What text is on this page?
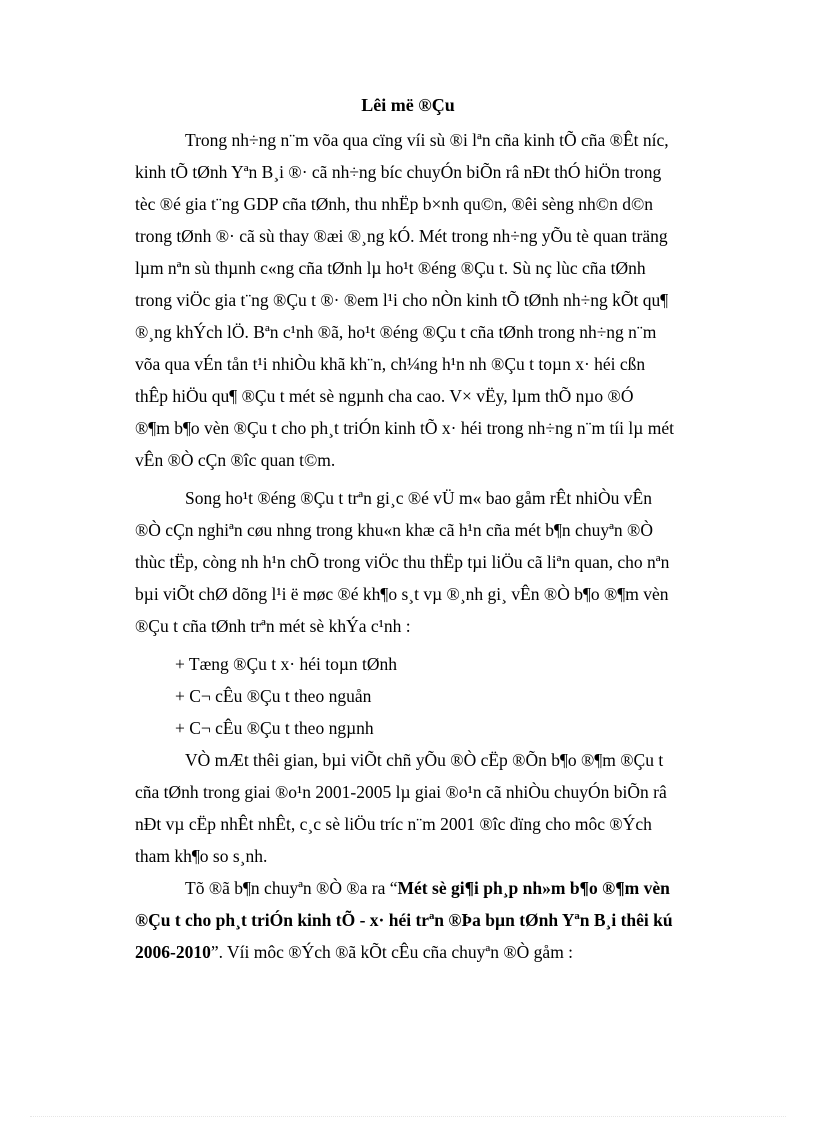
Lêi më ®Çu
Trong nh÷ng n¨m võa qua cïng víi sù ®i lªn cña kinh tÕ cña ®Êt níc,
kinh tÕ tØnh Yªn B¸i ®· cã nh÷ng bíc chuyÓn biÕn râ nÐt thÓ hiÖn trong
tèc ®é gia t¨ng GDP cña tØnh, thu nhËp b×nh qu©n, ®êi sèng nh©n d©n
trong tØnh ®· cã sù thay ®æi ®¸ng kÓ. Mét trong nh÷ng yÕu tè quan träng
lµm nªn sù thµnh c«ng cña tØnh lµ ho¹t ®éng ®Çu t. Sù nç lùc cña tØnh
trong viÖc gia t¨ng ®Çu t ®· ®em l¹i cho nÒn kinh tÕ tØnh nh÷ng kÕt qu¶
®¸ng khÝch lÖ. Bªn c¹nh ®ã, ho¹t ®éng ®Çu t cña tØnh trong nh÷ng n¨m
võa qua vÉn tån t¹i nhiÒu khã kh¨n, ch¼ng h¹n nh ®Çu t toµn x· héi cßn
thÊp hiÖu qu¶ ®Çu t mét sè ngµnh cha cao. V× vËy, lµm thÕ nµo ®Ó
®¶m b¶o vèn ®Çu t cho ph¸t triÓn kinh tÕ x· héi trong nh÷ng n¨m tíi lµ mét
vÊn ®Ò cÇn ®îc quan t©m.
Song ho¹t ®éng ®Çu t trªn gi¸c ®é vÜ m« bao gåm rÊt nhiÒu vÊn
®Ò cÇn nghiªn cøu nhng trong khu«n khæ cã h¹n cña mét b¶n chuyªn ®Ò
thùc tËp, còng nh h¹n chÕ trong viÖc thu thËp tµi liÖu cã liªn quan, cho nªn
bµi viÕt chØ dõng l¹i ë møc ®é kh¶o s¸t vµ ®¸nh gi¸ vÊn ®Ò b¶o ®¶m vèn
®Çu t cña tØnh trªn mét sè khÝa c¹nh :
+ Tæng ®Çu t x· héi toµn tØnh
+ C¬ cÊu ®Çu t theo nguån
+ C¬ cÊu ®Çu t theo ngµnh
VÒ mÆt thêi gian, bµi viÕt chñ yÕu ®Ò cËp ®Õn b¶o ®¶m ®Çu t
cña tØnh trong giai ®o¹n 2001-2005 lµ giai ®o¹n cã nhiÒu chuyÓn biÕn râ
nÐt vµ cËp nhÊt nhÊt, c¸c sè liÖu tríc n¨m 2001 ®îc dïng cho môc ®Ých
tham kh¶o so s¸nh.
Tõ ®ã b¶n chuyªn ®Ò ®a ra “Mét sè gi¶i ph¸p nh»m b¶o ®¶m vèn
®Çu t cho ph¸t triÓn kinh tÕ - x· héi trªn ®Þa bµn tØnh Yªn B¸i thêi kú
2006-2010”. Víi môc ®Ých ®ã kÕt cÊu cña chuyªn ®Ò gåm :
